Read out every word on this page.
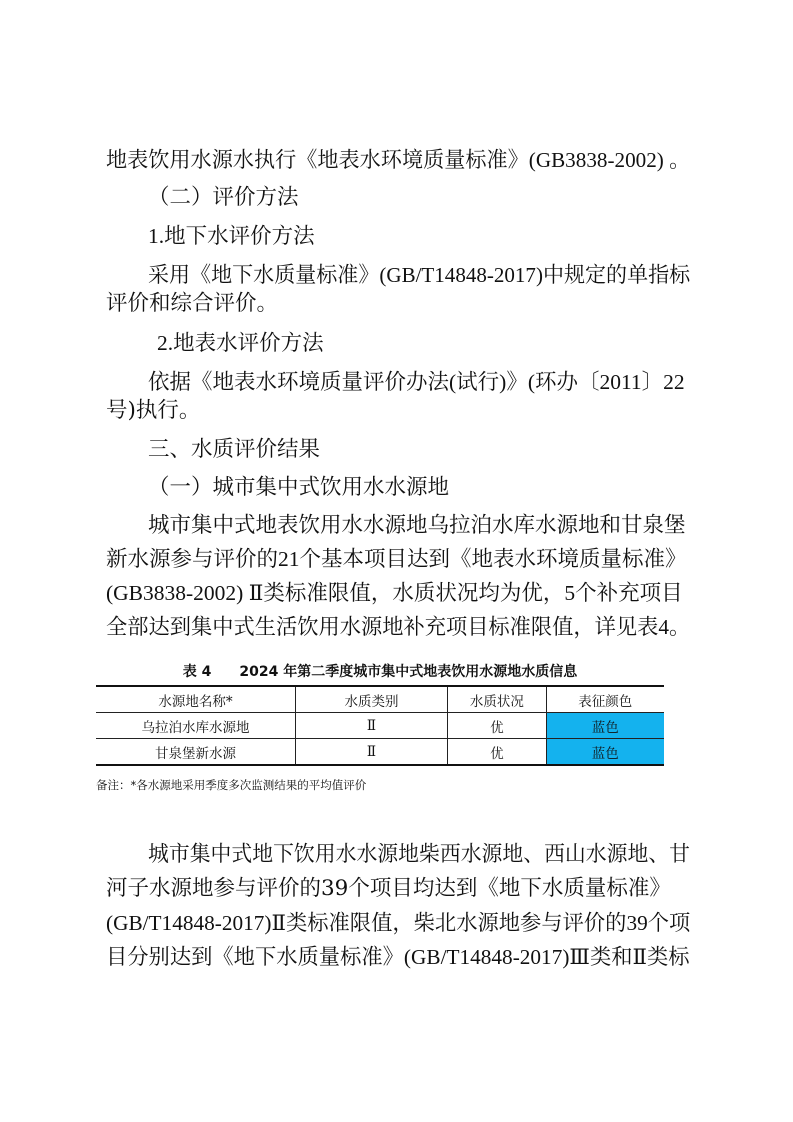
地表饮用水源水执行《地表水环境质量标准》(GB3838-2002) 。
（二）评价方法
1.地下水评价方法
采用《地下水质量标准》(GB/T14848-2017)中规定的单指标
评价和综合评价。
2.地表水评价方法
依据《地表水环境质量评价办法(试行)》(环办〔2011〕22
号)执行。
三、水质评价结果
（一）城市集中式饮用水水源地
城市集中式地表饮用水水源地乌拉泊水库水源地和甘泉堡
新水源参与评价的21个基本项目达到《地表水环境质量标准》
(GB3838-2002) Ⅱ类标准限值，水质状况均为优，5个补充项目
全部达到集中式生活饮用水源地补充项目标准限值，详见表4。
表 4　　2024 年第二季度城市集中式地表饮用水源地水质信息
水源地名称*	水质类别	水质状况	表征颜色
乌拉泊水库水源地	Ⅱ	优	蓝色
甘泉堡新水源	Ⅱ	优	蓝色
备注：*各水源地采用季度多次监测结果的平均值评价
城市集中式地下饮用水水源地柴西水源地、西山水源地、甘
河子水源地参与评价的39个项目均达到《地下水质量标准》
(GB/T14848-2017)Ⅱ类标准限值，柴北水源地参与评价的39个项
目分别达到《地下水质量标准》(GB/T14848-2017)Ⅲ类和Ⅱ类标
